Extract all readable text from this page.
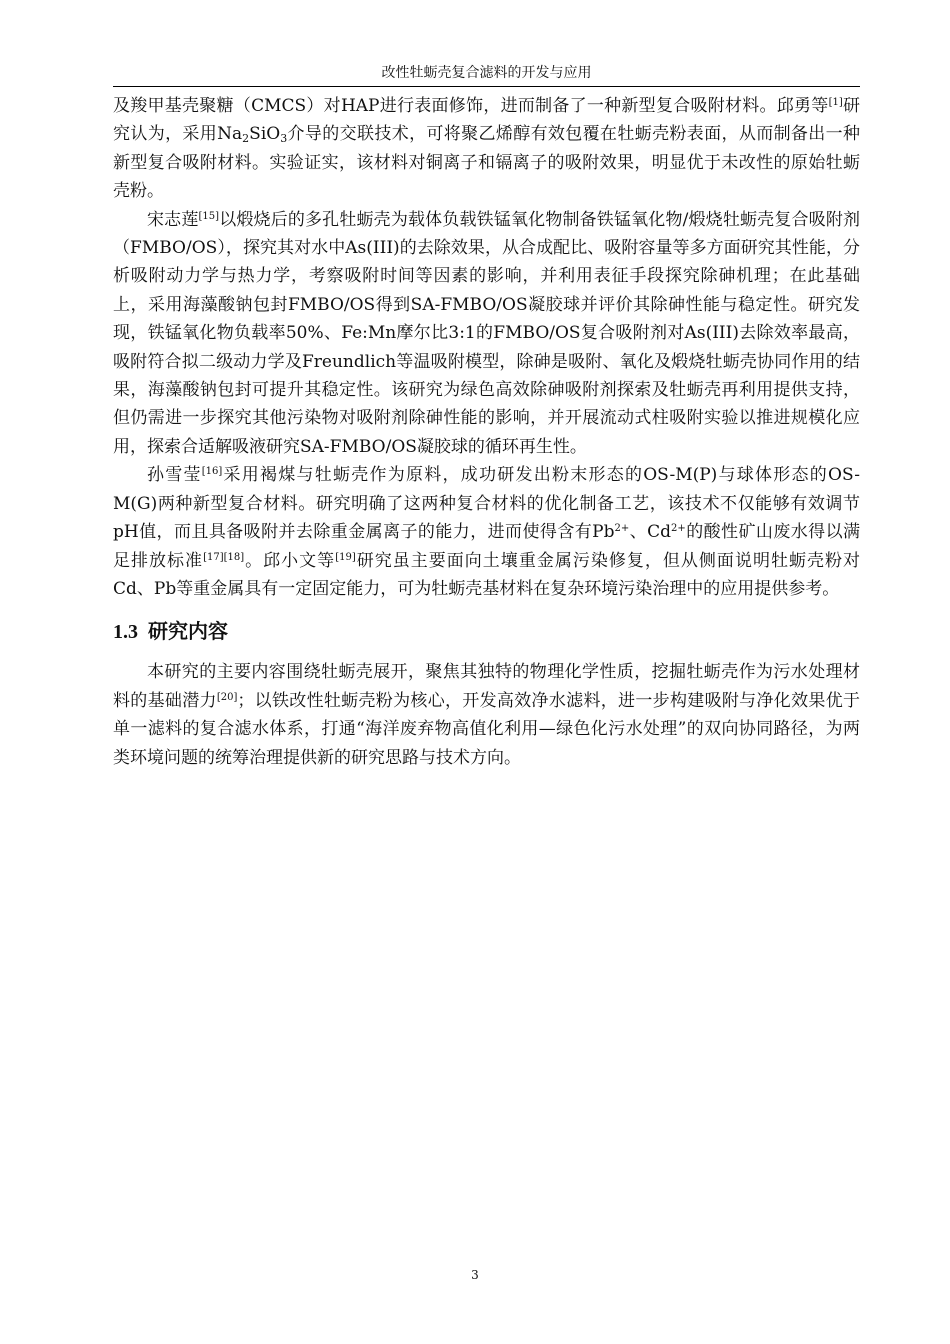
改性牡蛎壳复合滤料的开发与应用

及羧甲基壳聚糖（CMCS）对HAP进行表面修饰，进而制备了一种新型复合吸附材料。邱勇等[1]研究认为，采用$Na_2SiO_3$介导的交联技术，可将聚乙烯醇有效包覆在牡蛎壳粉表面，从而制备出一种新型复合吸附材料。实验证实，该材料对铜离子和镉离子的吸附效果，明显优于未改性的原始牡蛎壳粉。

宋志莲[15]以煅烧后的多孔牡蛎壳为载体负载铁锰氧化物制备铁锰氧化物/煅烧牡蛎壳复合吸附剂（FMBO/OS），探究其对水中As(III)的去除效果，从合成配比、吸附容量等多方面研究其性能，分析吸附动力学与热力学，考察吸附时间等因素的影响，并利用表征手段探究除砷机理；在此基础上，采用海藻酸钠包封FMBO/OS得到SA-FMBO/OS凝胶球并评价其除砷性能与稳定性。研究发现，铁锰氧化物负载率50%、Fe:Mn摩尔比3:1的FMBO/OS复合吸附剂对As(III)去除效率最高，吸附符合拟二级动力学及Freundlich等温吸附模型，除砷是吸附、氧化及煅烧牡蛎壳协同作用的结果，海藻酸钠包封可提升其稳定性。该研究为绿色高效除砷吸附剂探索及牡蛎壳再利用提供支持，但仍需进一步探究其他污染物对吸附剂除砷性能的影响，并开展流动式柱吸附实验以推进规模化应用，探索合适解吸液研究SA-FMBO/OS凝胶球的循环再生性。

孙雪莹[16]采用褐煤与牡蛎壳作为原料，成功研发出粉末形态的OS-M(P)与球体形态的OS-M(G)两种新型复合材料。研究明确了这两种复合材料的优化制备工艺，该技术不仅能够有效调节pH值，而且具备吸附并去除重金属离子的能力，进而使得含有$Pb^{2+}$、$Cd^{2+}$的酸性矿山废水得以满足排放标准[17][18]。邱小文等[19]研究虽主要面向土壤重金属污染修复，但从侧面说明牡蛎壳粉对Cd、Pb等重金属具有一定固定能力，可为牡蛎壳基材料在复杂环境污染治理中的应用提供参考。

1.3 研究内容

本研究的主要内容围绕牡蛎壳展开，聚焦其独特的物理化学性质，挖掘牡蛎壳作为污水处理材料的基础潜力[20]；以铁改性牡蛎壳粉为核心，开发高效净水滤料，进一步构建吸附与净化效果优于单一滤料的复合滤水体系，打通“海洋废弃物高值化利用—绿色化污水处理”的双向协同路径，为两类环境问题的统筹治理提供新的研究思路与技术方向。

3
